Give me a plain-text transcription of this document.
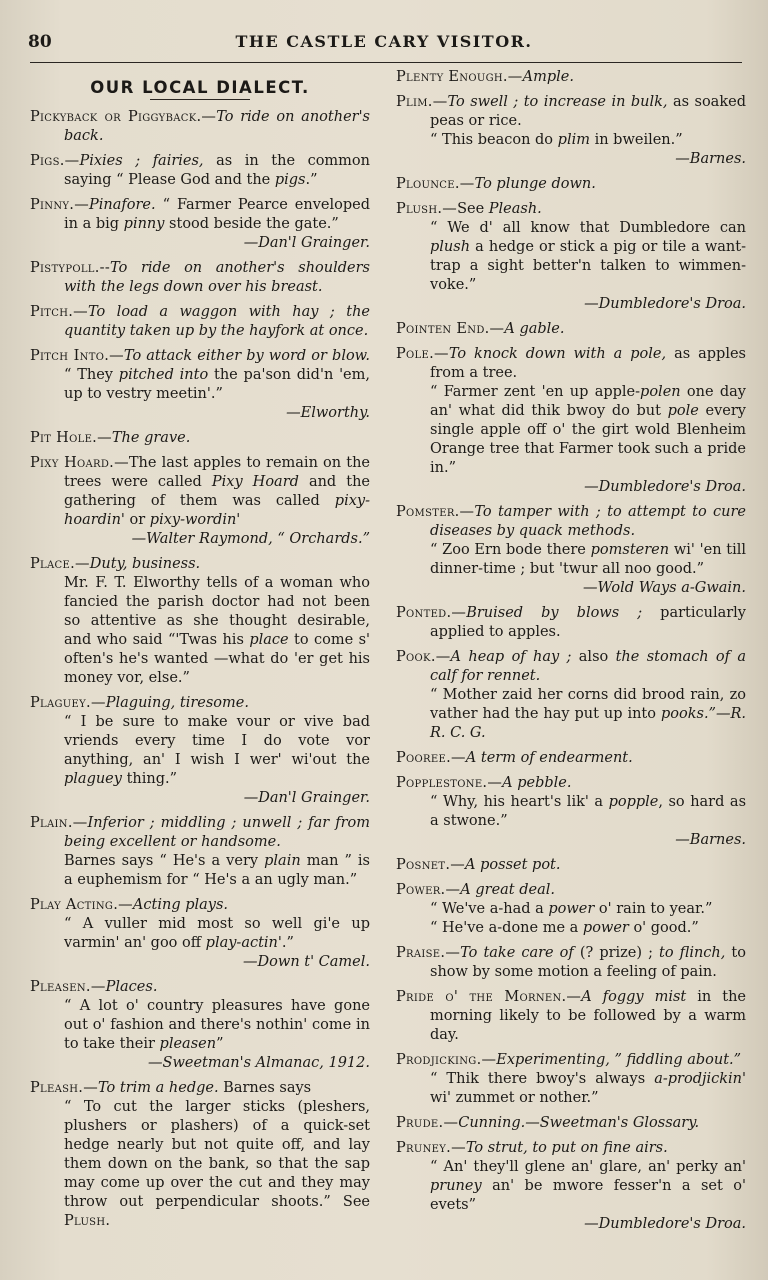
80	THE CASTLE CARY VISITOR.
OUR LOCAL DIALECT.
Pickyback or Piggyback.—To ride on another's back.
Pigs.—Pixies ; fairies, as in the common saying “ Please God and the pigs.”
Pinny.—Pinafore. “ Farmer Pearce enveloped in a big pinny stood beside the gate.”
—Dan'l Grainger.
Pistypoll.--To ride on another's shoulders with the legs down over his breast.
Pitch.—To load a waggon with hay ; the quantity taken up by the hayfork at once.
Pitch Into.—To attack either by word or blow. “ They pitched into the pa'son did'n 'em, up to vestry meetin'.”
—Elworthy.
Pit Hole.—The grave.
Pixy Hoard.—The last apples to remain on the trees were called Pixy Hoard and the gathering of them was called pixy-hoardin' or pixy-wordin'
—Walter Raymond, “ Orchards.”
Place.—Duty, business.
Mr. F. T. Elworthy tells of a woman who fancied the parish doctor had not been so attentive as she thought desirable, and who said “'Twas his place to come s' often's he's wanted —what do 'er get his money vor, else.”
Plaguey.—Plaguing, tiresome.
“ I be sure to make vour or vive bad vriends every time I do vote vor anything, an' I wish I wer' wi'out the plaguey thing.”
—Dan'l Grainger.
Plain.—Inferior ; middling ; unwell ; far from being excellent or handsome.
Barnes says “ He's a very plain man ” is a euphemism for “ He's a an ugly man.”
Play Acting.—Acting plays.
“ A vuller mid most so well gi'e up varmin' an' goo off play-actin'.”
—Down t' Camel.
Pleasen.—Places.
“ A lot o' country pleasures have gone out o' fashion and there's nothin' come in to take their pleasen”
—Sweetman's Almanac, 1912.
Pleash.—To trim a hedge. Barnes says
“ To cut the larger sticks (pleshers, plushers or plashers) of a quick-set hedge nearly but not quite off, and lay them down on the bank, so that the sap may come up over the cut and they may throw out perpendicular shoots.” See Plush.
Plenty Enough.—Ample.
Plim.—To swell ; to increase in bulk, as soaked peas or rice.
“ This beacon do plim in bweilen.”
—Barnes.
Plounce.—To plunge down.
Plush.—See Pleash.
“ We d' all know that Dumbledore can plush a hedge or stick a pig or tile a want-trap a sight better'n talken to wimmen-voke.”
—Dumbledore's Droa.
Pointen End.—A gable.
Pole.—To knock down with a pole, as apples from a tree.
“ Farmer zent 'en up apple-polen one day an' what did thik bwoy do but pole every single apple off o' the girt wold Blenheim Orange tree that Farmer took such a pride in.”
—Dumbledore's Droa.
Pomster.—To tamper with ; to attempt to cure diseases by quack methods.
“ Zoo Ern bode there pomsteren wi' 'en till dinner-time ; but 'twur all noo good.”
—Wold Ways a-Gwain.
Ponted.—Bruised by blows ; particularly applied to apples.
Pook.—A heap of hay ; also the stomach of a calf for rennet.
“ Mother zaid her corns did brood rain, zo vather had the hay put up into pooks.”—R. R. C. G.
Pooree.—A term of endearment.
Popplestone.—A pebble.
“ Why, his heart's lik' a popple, so hard as a stwone.”
—Barnes.
Posnet.—A posset pot.
Power.—A great deal.
“ We've a-had a power o' rain to year.”
“ He've a-done me a power o' good.”
Praise.—To take care of (? prize) ; to flinch, to show by some motion a feeling of pain.
Pride o' the Mornen.—A foggy mist in the morning likely to be followed by a warm day.
Prodjicking.—Experimenting, ” fiddling about.”
“ Thik there bwoy's always a-prodjickin' wi' zummet or nother.”
Prude.—Cunning.—Sweetman's Glossary.
Pruney.—To strut, to put on fine airs.
“ An' they'll glene an' glare, an' perky an' pruney an' be mwore fesser'n a set o' evets”
—Dumbledore's Droa.
